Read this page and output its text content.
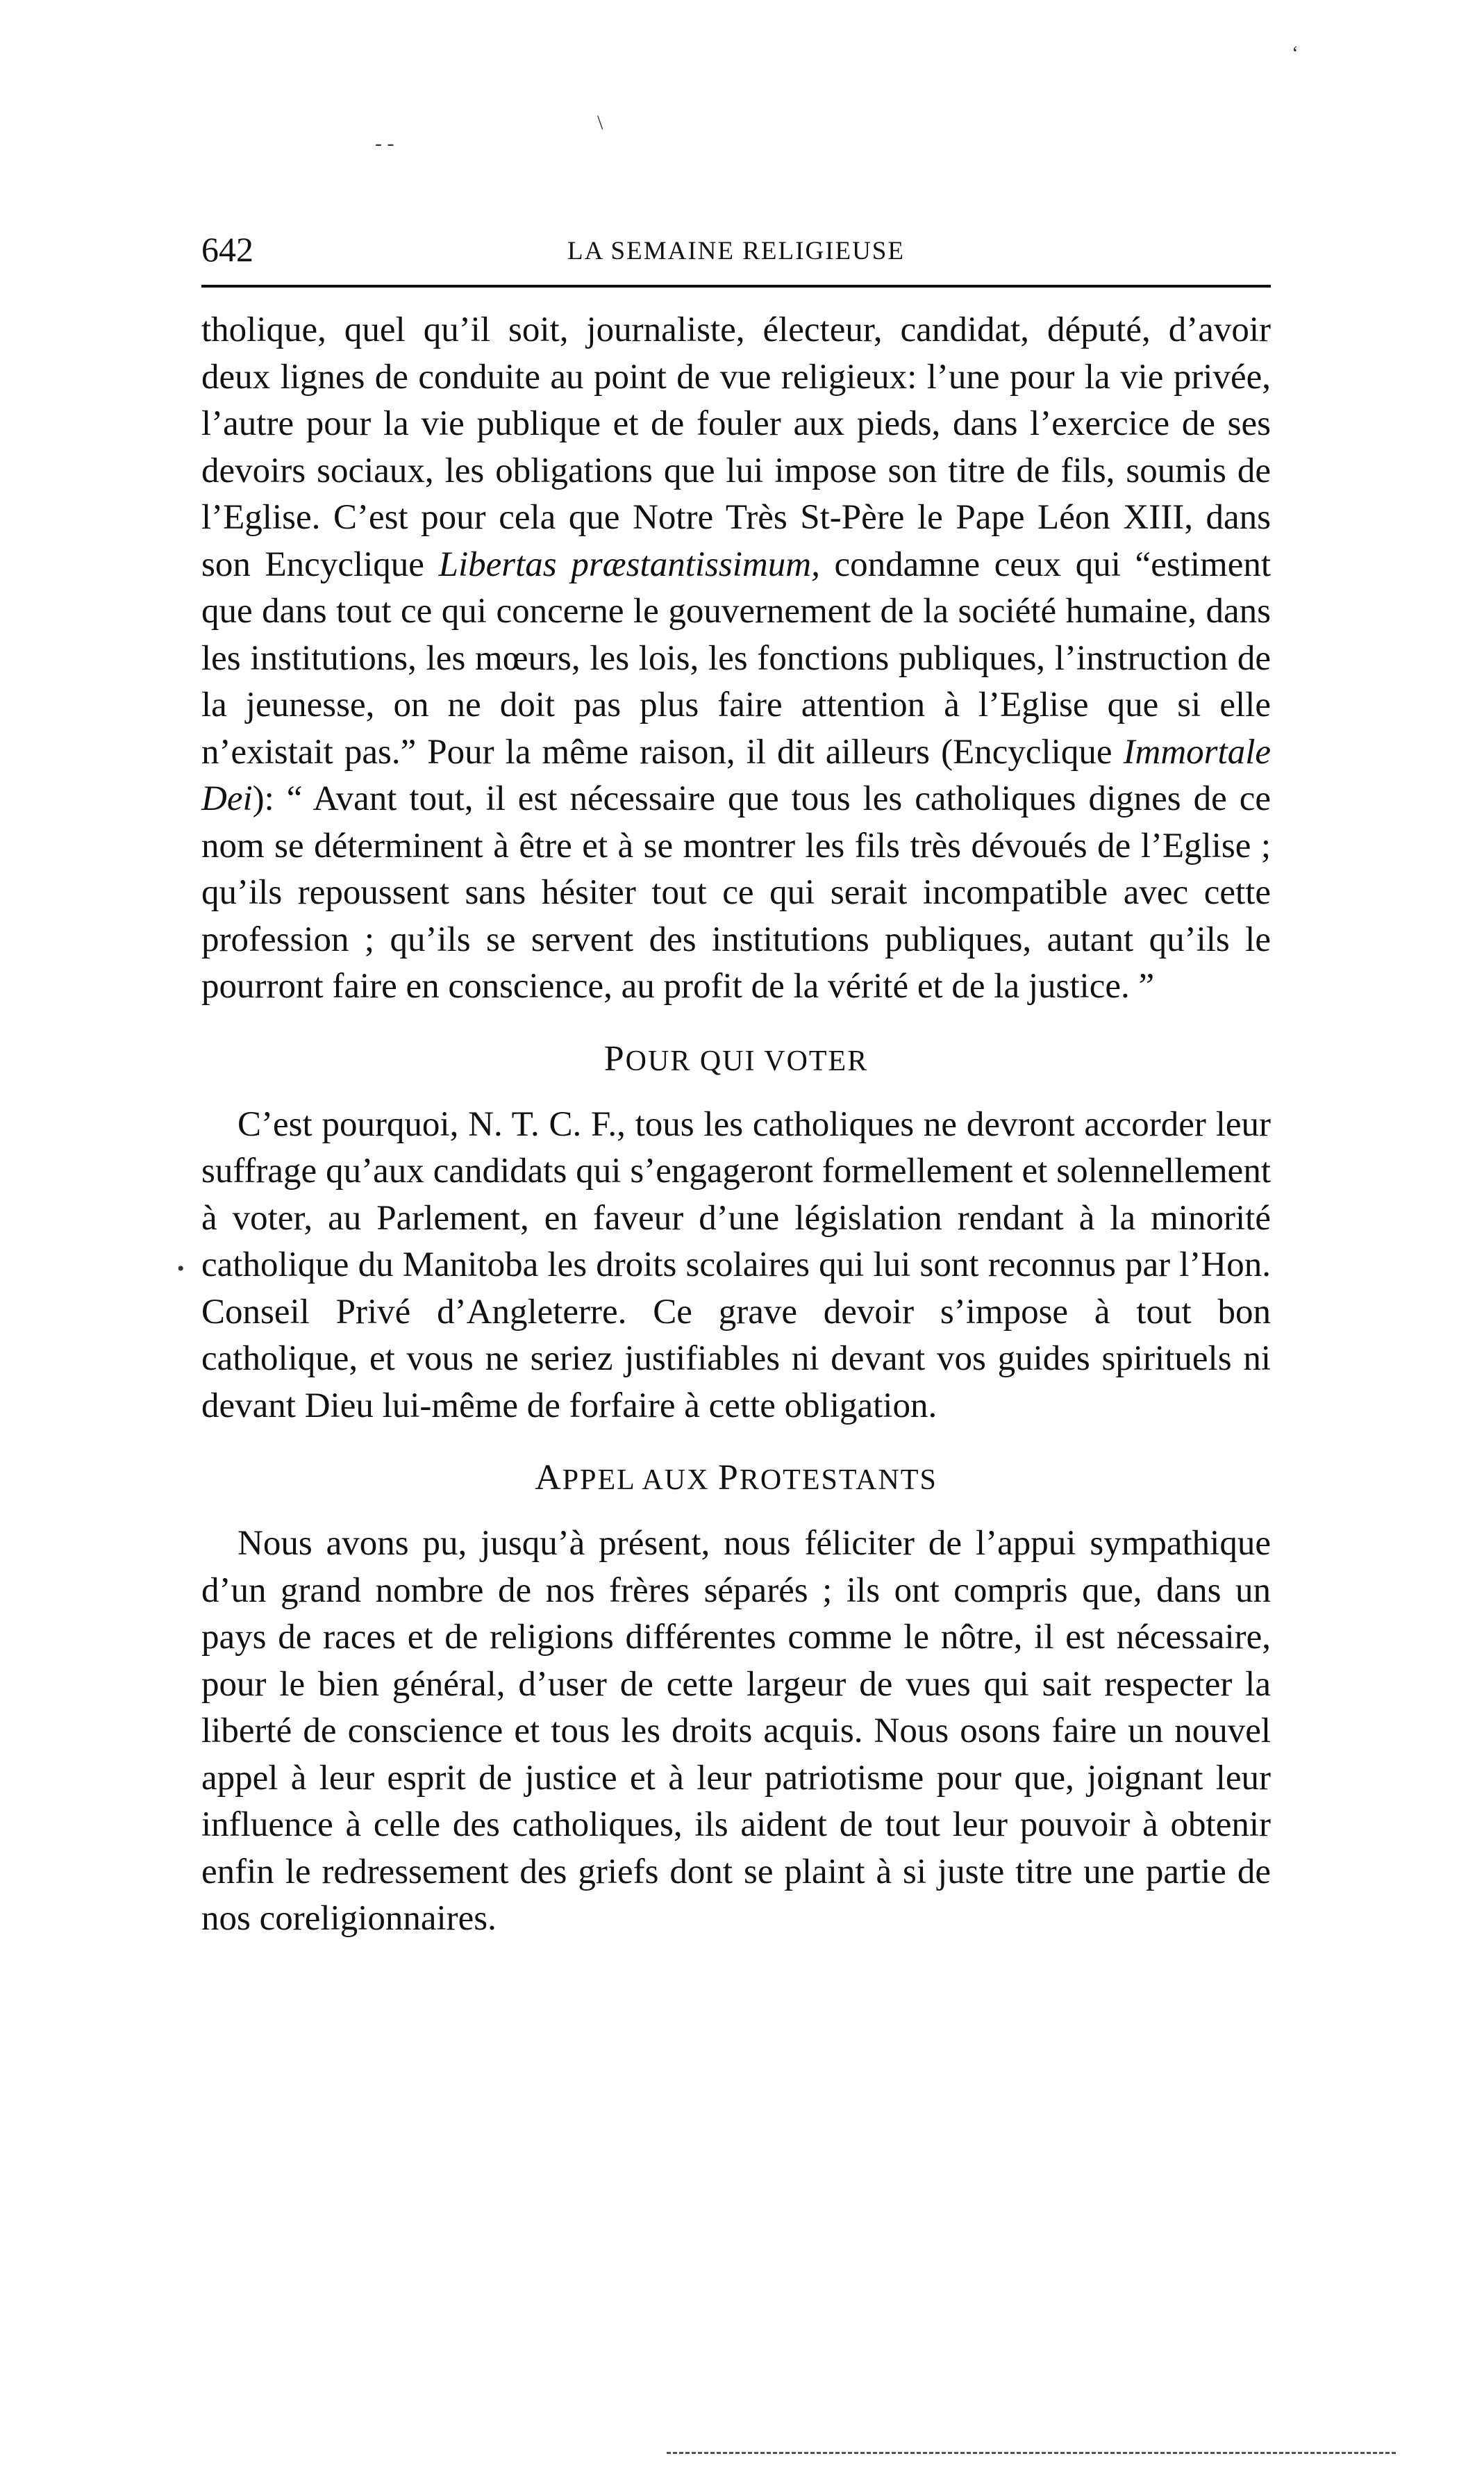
642	LA SEMAINE RELIGIEUSE

tholique, quel qu’il soit, journaliste, électeur, candidat, député, d’avoir deux lignes de conduite au point de vue religieux: l’une pour la vie privée, l’autre pour la vie publique et de fouler aux pieds, dans l’exercice de ses devoirs sociaux, les obligations que lui impose son titre de fils, soumis de l’Eglise. C’est pour cela que Notre Très St-Père le Pape Léon XIII, dans son Encyclique Libertas præstantissimum, condamne ceux qui “estiment que dans tout ce qui concerne le gouvernement de la société humaine, dans les institutions, les mœurs, les lois, les fonctions publiques, l’instruction de la jeunesse, on ne doit pas plus faire attention à l’Eglise que si elle n’existait pas.” Pour la même raison, il dit ailleurs (Encyclique Immortale Dei): “ Avant tout, il est nécessaire que tous les catholiques dignes de ce nom se déterminent à être et à se montrer les fils très dévoués de l’Eglise ; qu’ils repoussent sans hésiter tout ce qui serait incompatible avec cette profession ; qu’ils se servent des institutions publiques, autant qu’ils le pourront faire en conscience, au profit de la vérité et de la justice. ”

POUR QUI VOTER

C’est pourquoi, N. T. C. F., tous les catholiques ne devront accorder leur suffrage qu’aux candidats qui s’engageront formellement et solennellement à voter, au Parlement, en faveur d’une législation rendant à la minorité catholique du Manitoba les droits scolaires qui lui sont reconnus par l’Hon. Conseil Privé d’Angleterre. Ce grave devoir s’impose à tout bon catholique, et vous ne seriez justifiables ni devant vos guides spirituels ni devant Dieu lui-même de forfaire à cette obligation.

APPEL AUX PROTESTANTS

Nous avons pu, jusqu’à présent, nous féliciter de l’appui sympathique d’un grand nombre de nos frères séparés ; ils ont compris que, dans un pays de races et de religions différentes comme le nôtre, il est nécessaire, pour le bien général, d’user de cette largeur de vues qui sait respecter la liberté de conscience et tous les droits acquis. Nous osons faire un nouvel appel à leur esprit de justice et à leur patriotisme pour que, joignant leur influence à celle des catholiques, ils aident de tout leur pouvoir à obtenir enfin le redressement des griefs dont se plaint à si juste titre une partie de nos coreligionnaires.

\
- -
‘
•
